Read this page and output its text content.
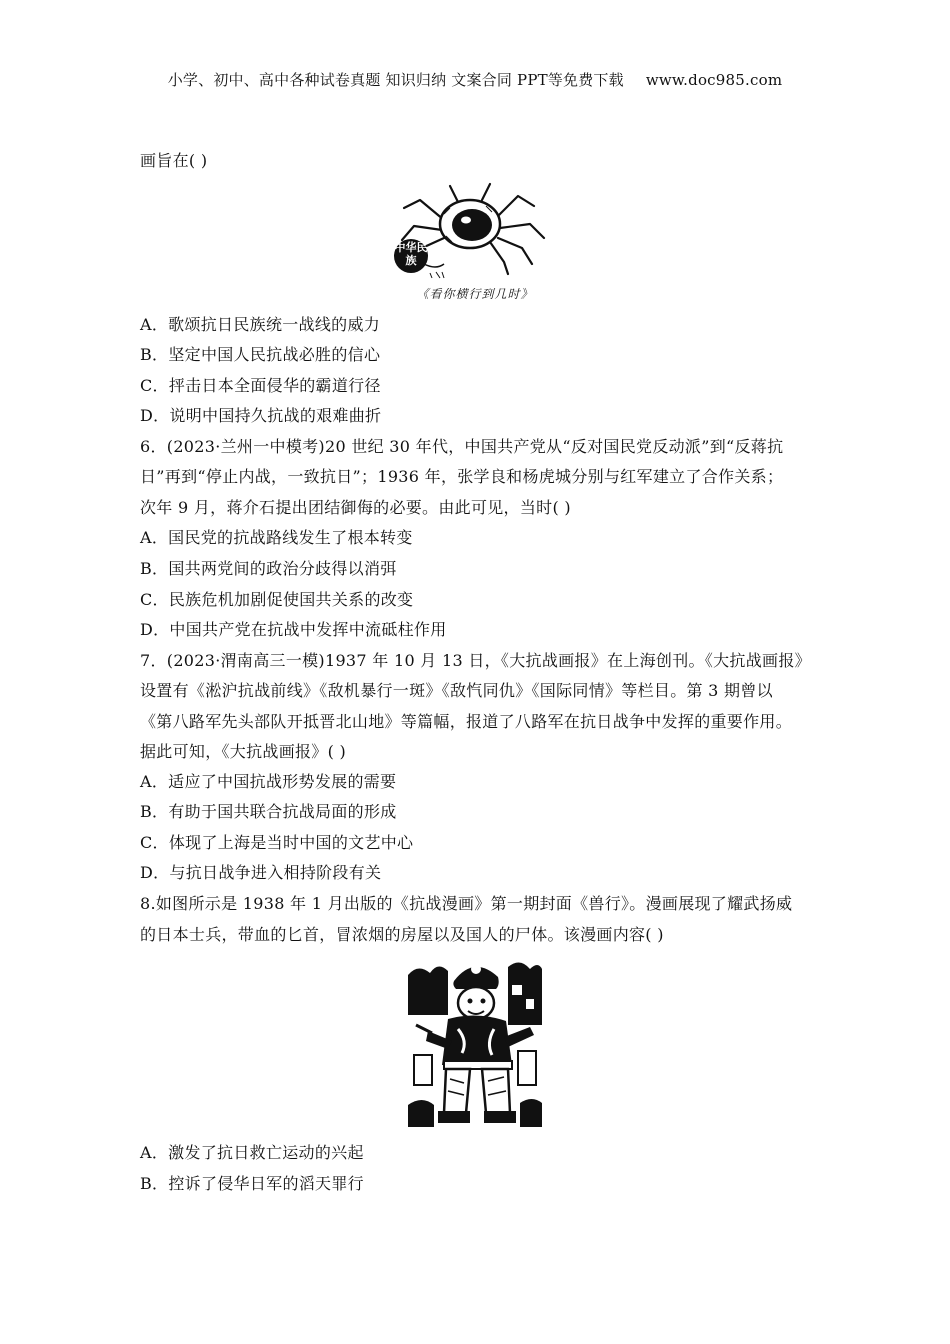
小学、初中、高中各种试卷真题 知识归纳 文案合同 PPT等免费下载 www.doc985.com
画旨在( )
中华民族
《看你横行到几时》
A．歌颂抗日民族统一战线的威力
B．坚定中国人民抗战必胜的信心
C．抨击日本全面侵华的霸道行径
D．说明中国持久抗战的艰难曲折
6．(2023·兰州一中模考)20 世纪 30 年代，中国共产党从“反对国民党反动派”到“反蒋抗
日”再到“停止内战，一致抗日”；1936 年，张学良和杨虎城分别与红军建立了合作关系；
次年 9 月，蒋介石提出团结御侮的必要。由此可见，当时( )
A．国民党的抗战路线发生了根本转变
B．国共两党间的政治分歧得以消弭
C．民族危机加剧促使国共关系的改变
D．中国共产党在抗战中发挥中流砥柱作用
7．(2023·渭南高三一模)1937 年 10 月 13 日，《大抗战画报》在上海创刊。《大抗战画报》
设置有《淞沪抗战前线》《敌机暴行一斑》《敌忾同仇》《国际同情》等栏目。第 3 期曾以
《第八路军先头部队开抵晋北山地》等篇幅，报道了八路军在抗日战争中发挥的重要作用。
据此可知，《大抗战画报》( )
A．适应了中国抗战形势发展的需要
B．有助于国共联合抗战局面的形成
C．体现了上海是当时中国的文艺中心
D．与抗日战争进入相持阶段有关
8.如图所示是 1938 年 1 月出版的《抗战漫画》第一期封面《兽行》。漫画展现了耀武扬威
的日本士兵，带血的匕首，冒浓烟的房屋以及国人的尸体。该漫画内容( )
A．激发了抗日救亡运动的兴起
B．控诉了侵华日军的滔天罪行
